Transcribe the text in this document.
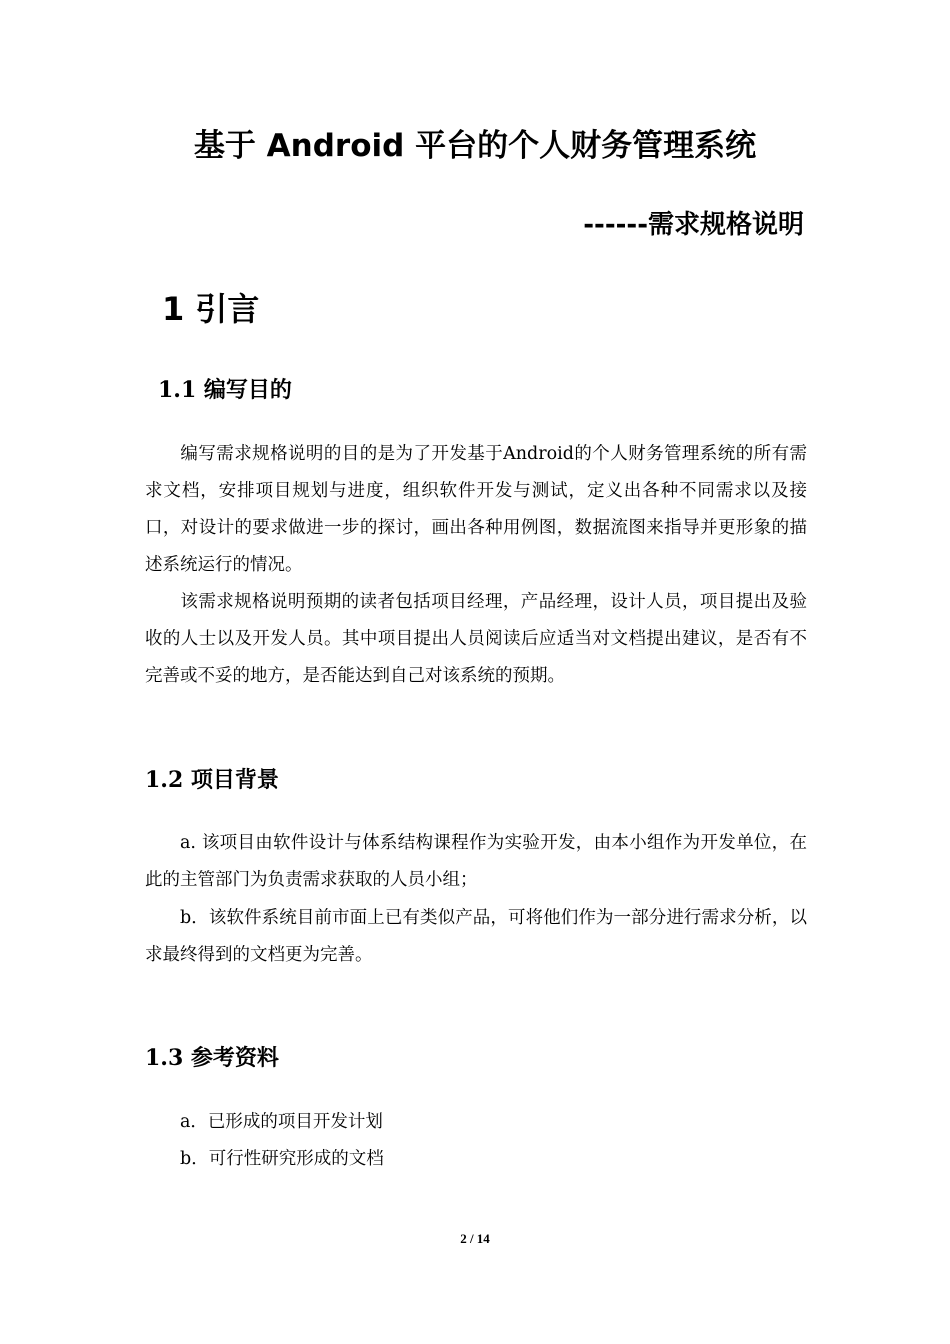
基于 Android 平台的个人财务管理系统
------需求规格说明
1 引言
1.1 编写目的

编写需求规格说明的目的是为了开发基于Android的个人财务管理系统的所有需求文档，安排项目规划与进度，组织软件开发与测试，定义出各种不同需求以及接口，对设计的要求做进一步的探讨，画出各种用例图，数据流图来指导并更形象的描述系统运行的情况。

该需求规格说明预期的读者包括项目经理，产品经理，设计人员，项目提出及验收的人士以及开发人员。其中项目提出人员阅读后应适当对文档提出建议，是否有不完善或不妥的地方，是否能达到自己对该系统的预期。

1.2 项目背景

a. 该项目由软件设计与体系结构课程作为实验开发，由本小组作为开发单位，在此的主管部门为负责需求获取的人员小组；

b．该软件系统目前市面上已有类似产品，可将他们作为一部分进行需求分析，以求最终得到的文档更为完善。

1.3 参考资料
a．已形成的项目开发计划
b．可行性研究形成的文档
2 / 14
